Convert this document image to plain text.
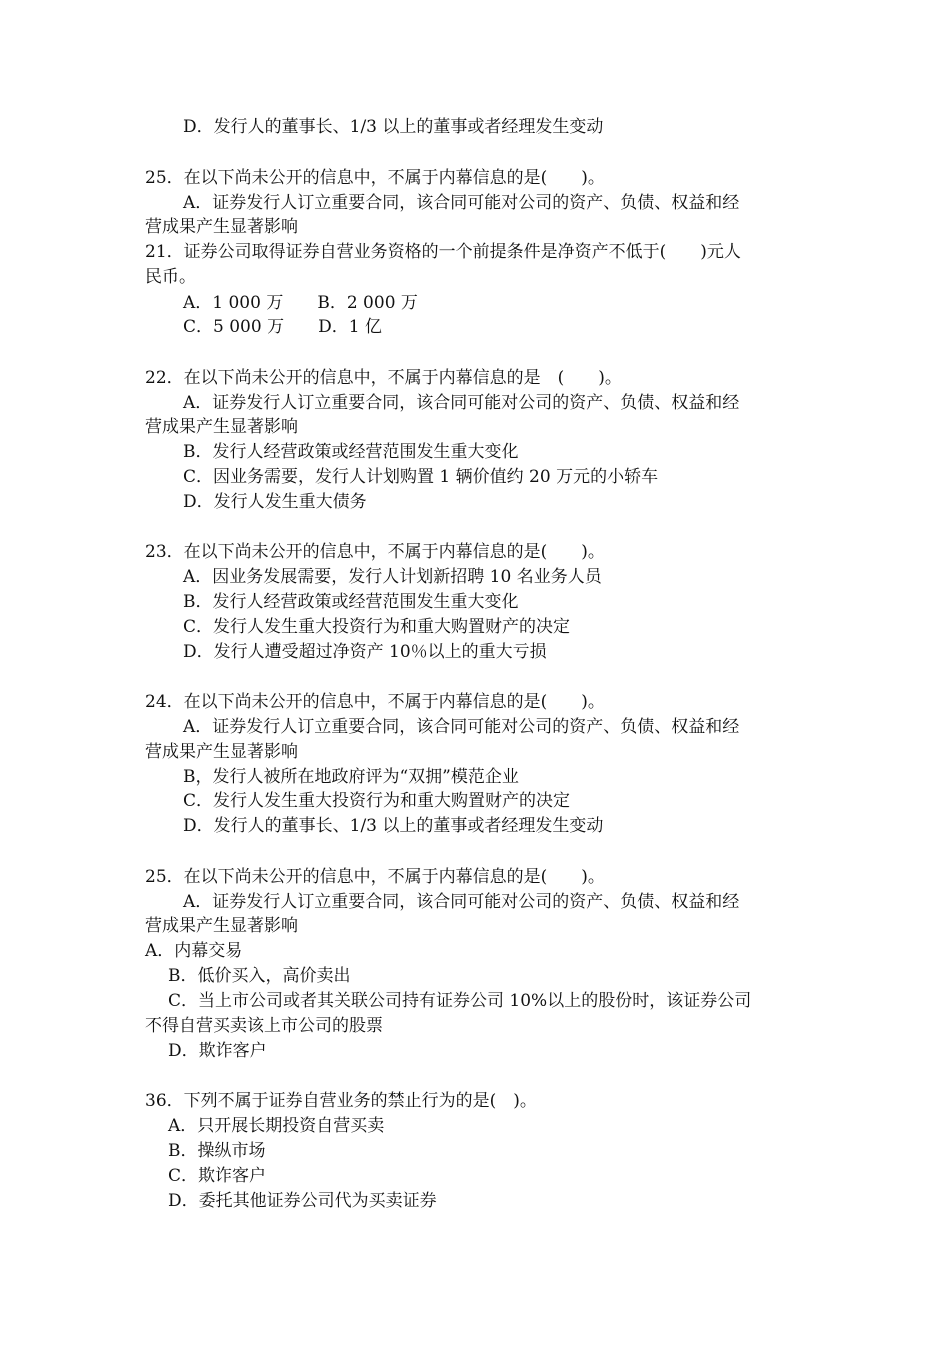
D．发行人的董事长、1/3 以上的董事或者经理发生变动
25．在以下尚未公开的信息中，不属于内幕信息的是(　　)。
A．证券发行人订立重要合同，该合同可能对公司的资产、负债、权益和经
营成果产生显著影响
21．证券公司取得证券自营业务资格的一个前提条件是净资产不低于(　　)元人
民币。
A．1 000 万　　B．2 000 万
C．5 000 万　　D．1 亿
22．在以下尚未公开的信息中，不属于内幕信息的是　(　　)。
A．证券发行人订立重要合同，该合同可能对公司的资产、负债、权益和经
营成果产生显著影响
B．发行人经营政策或经营范围发生重大变化
C．因业务需要，发行人计划购置 1 辆价值约 20 万元的小轿车
D．发行人发生重大债务
23．在以下尚未公开的信息中，不属于内幕信息的是(　　)。
A．因业务发展需要，发行人计划新招聘 10 名业务人员
B．发行人经营政策或经营范围发生重大变化
C．发行人发生重大投资行为和重大购置财产的决定
D．发行人遭受超过净资产 10％以上的重大亏损
24．在以下尚未公开的信息中，不属于内幕信息的是(　　)。
A．证券发行人订立重要合同，该合同可能对公司的资产、负债、权益和经
营成果产生显著影响
B，发行人被所在地政府评为“双拥”模范企业
C．发行人发生重大投资行为和重大购置财产的决定
D．发行人的董事长、1/3 以上的董事或者经理发生变动
25．在以下尚未公开的信息中，不属于内幕信息的是(　　)。
A．证券发行人订立重要合同，该合同可能对公司的资产、负债、权益和经
营成果产生显著影响
A．内幕交易
B．低价买入，高价卖出
C．当上市公司或者其关联公司持有证券公司 10%以上的股份时，该证券公司
不得自营买卖该上市公司的股票
D．欺诈客户
36．下列不属于证券自营业务的禁止行为的是(　)。
A．只开展长期投资自营买卖
B．操纵市场
C．欺诈客户
D．委托其他证券公司代为买卖证券
